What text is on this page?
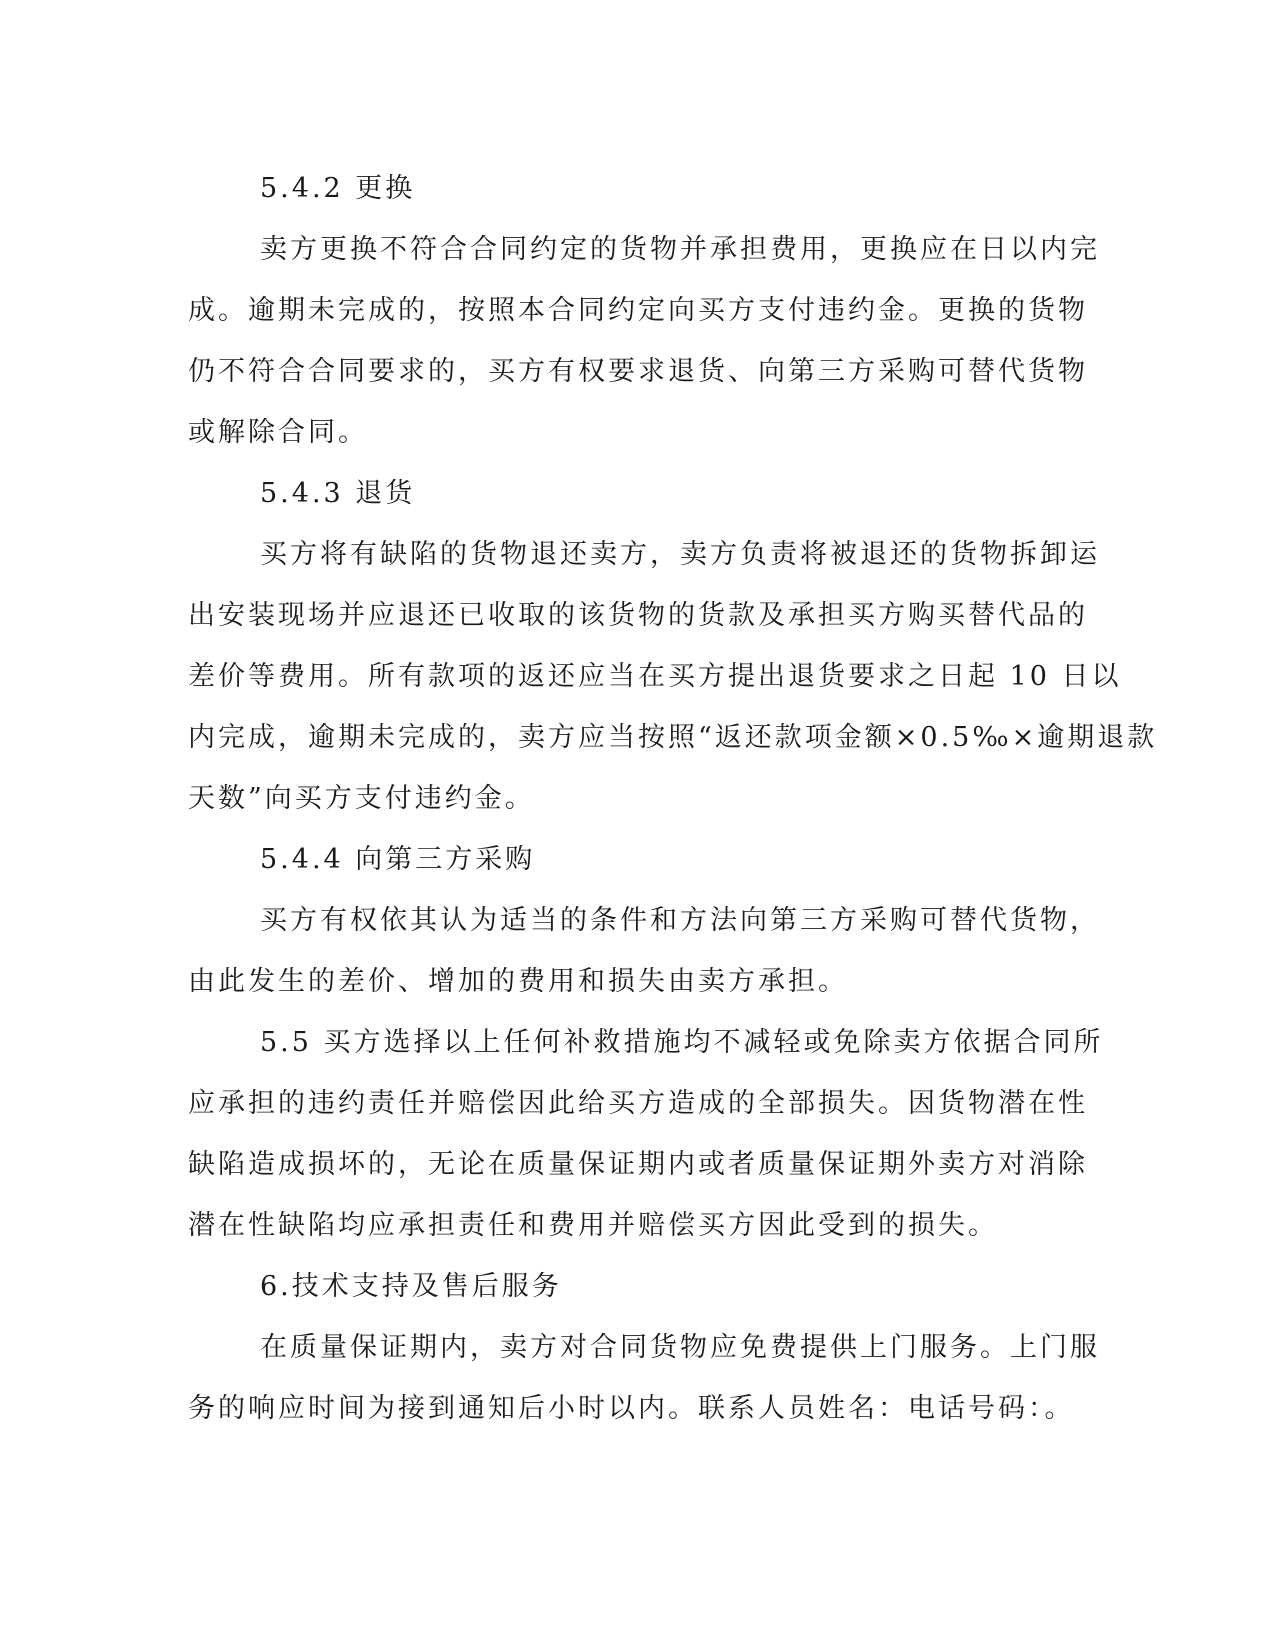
5.4.2 更换
卖方更换不符合合同约定的货物并承担费用，更换应在日以内完
成。逾期未完成的，按照本合同约定向买方支付违约金。更换的货物
仍不符合合同要求的，买方有权要求退货、向第三方采购可替代货物
或解除合同。
5.4.3 退货
买方将有缺陷的货物退还卖方，卖方负责将被退还的货物拆卸运
出安装现场并应退还已收取的该货物的货款及承担买方购买替代品的
差价等费用。所有款项的返还应当在买方提出退货要求之日起 10 日以
内完成，逾期未完成的，卖方应当按照“返还款项金额×0.5‰×逾期退款
天数”向买方支付违约金。
5.4.4 向第三方采购
买方有权依其认为适当的条件和方法向第三方采购可替代货物，
由此发生的差价、增加的费用和损失由卖方承担。
5.5 买方选择以上任何补救措施均不减轻或免除卖方依据合同所
应承担的违约责任并赔偿因此给买方造成的全部损失。因货物潜在性
缺陷造成损坏的，无论在质量保证期内或者质量保证期外卖方对消除
潜在性缺陷均应承担责任和费用并赔偿买方因此受到的损失。
6.技术支持及售后服务
在质量保证期内，卖方对合同货物应免费提供上门服务。上门服
务的响应时间为接到通知后小时以内。联系人员姓名：电话号码：。
